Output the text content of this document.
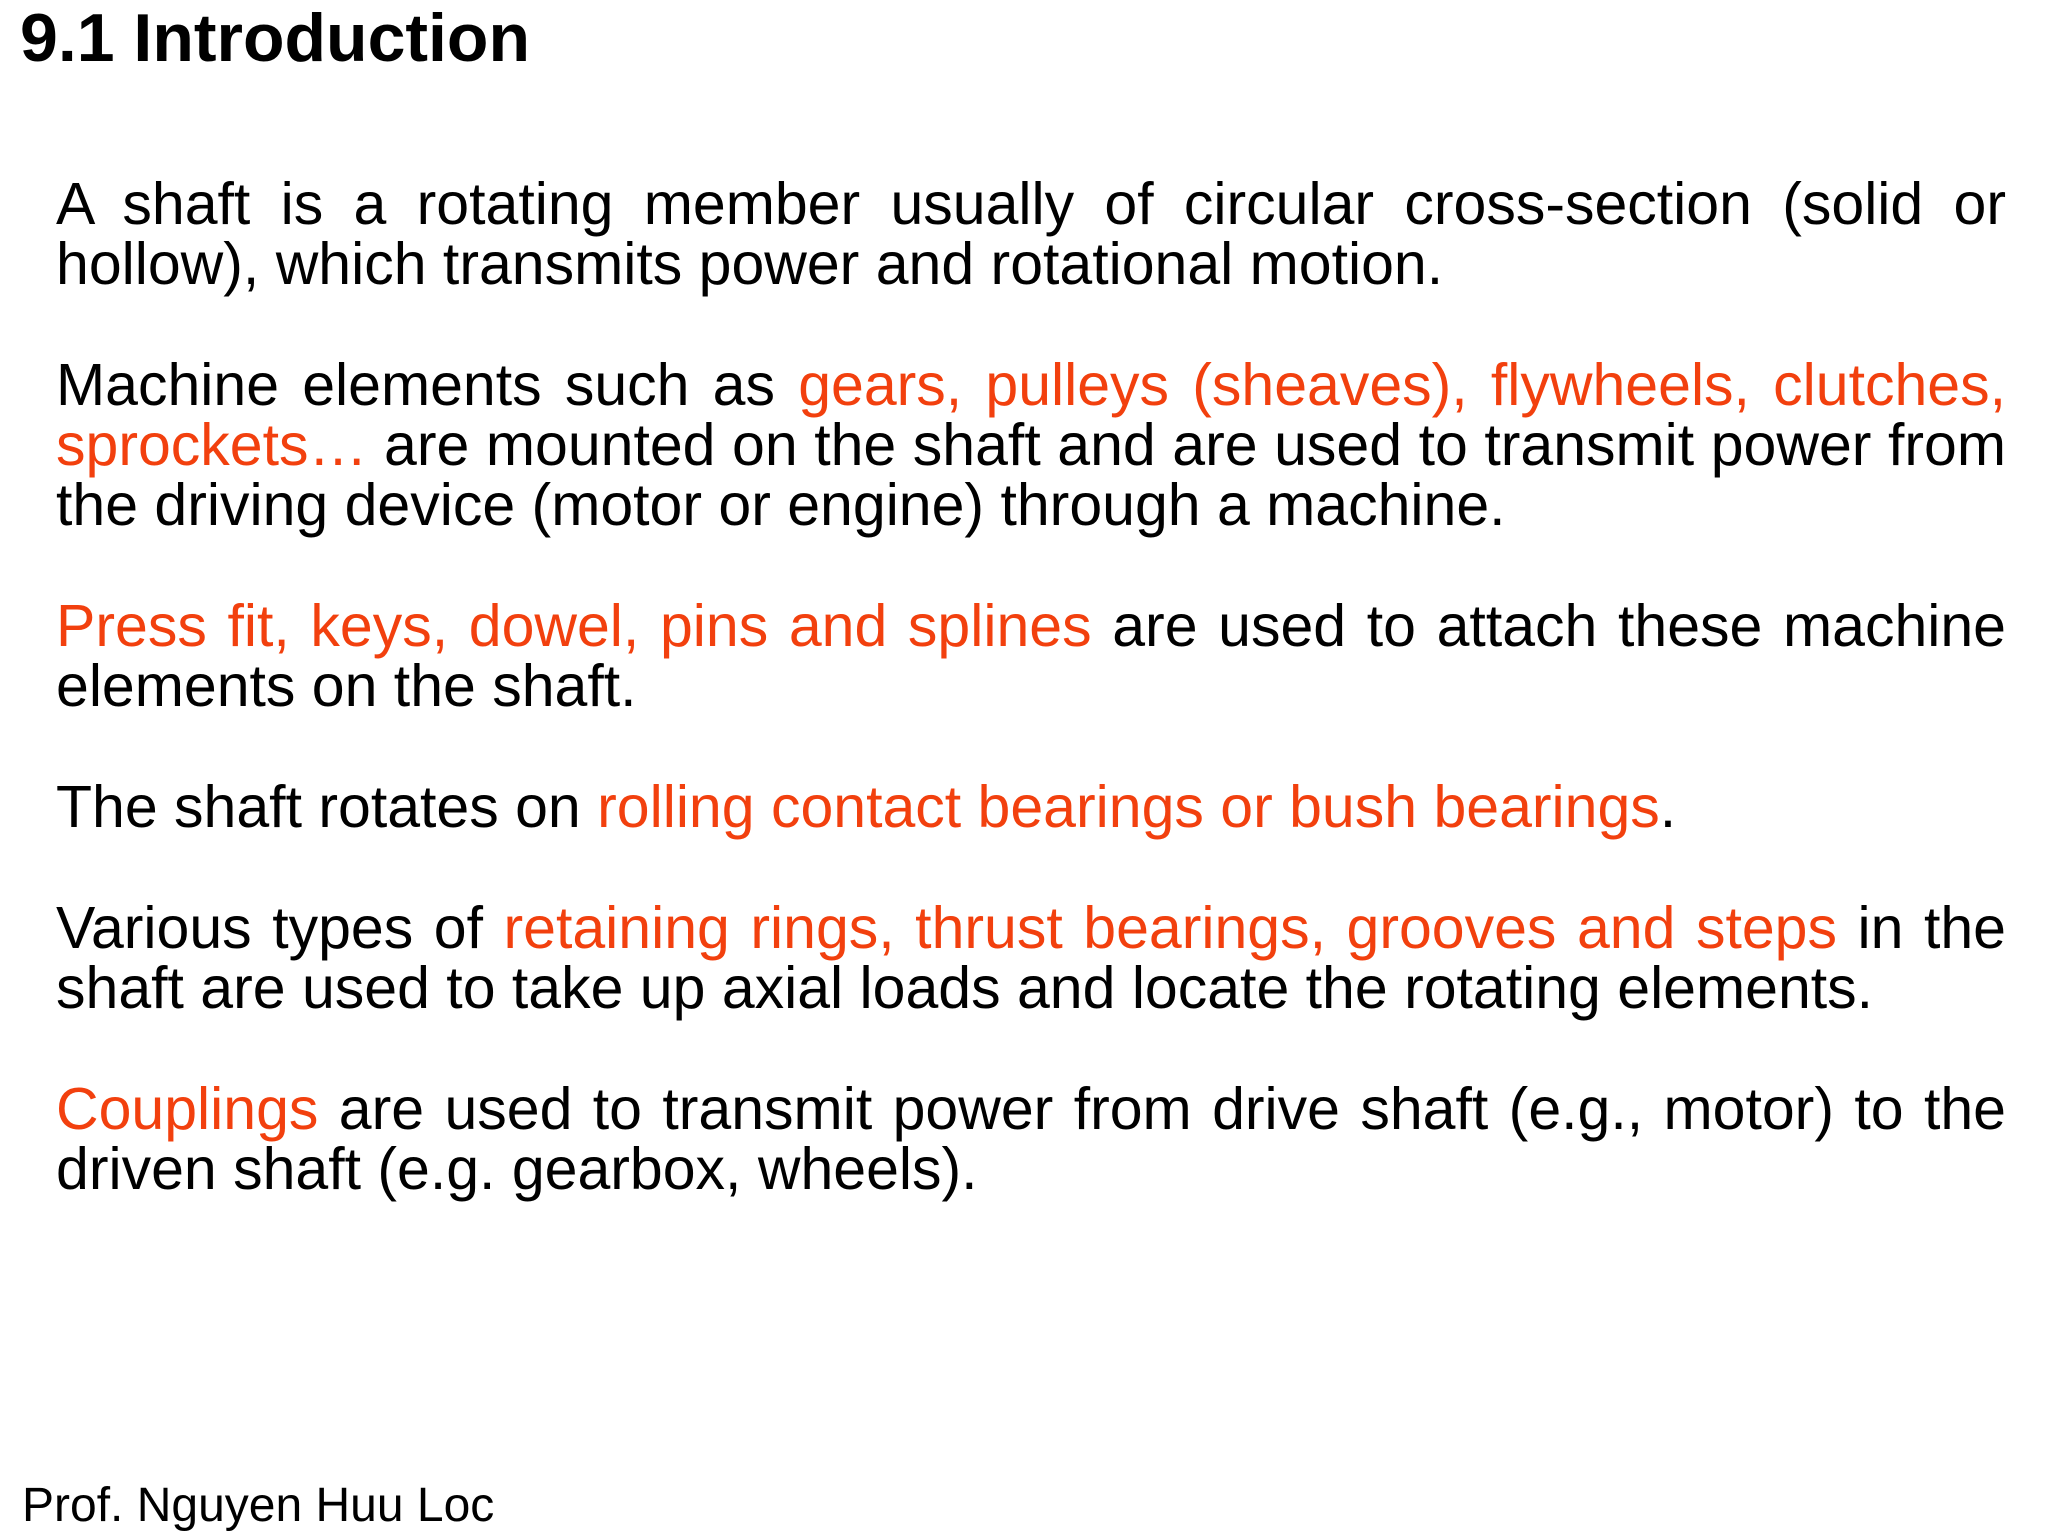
9.1 Introduction

A shaft is a rotating member usually of circular cross-section (solid or hollow), which transmits power and rotational motion.

Machine elements such as gears, pulleys (sheaves), flywheels, clutches, sprockets… are mounted on the shaft and are used to transmit power from the driving device (motor or engine) through a machine.

Press fit, keys, dowel, pins and splines are used to attach these machine elements on the shaft.

The shaft rotates on rolling contact bearings or bush bearings.

Various types of retaining rings, thrust bearings, grooves and steps in the shaft are used to take up axial loads and locate the rotating elements.

Couplings are used to transmit power from drive shaft (e.g., motor) to the driven shaft (e.g. gearbox, wheels).

Prof. Nguyen Huu Loc
